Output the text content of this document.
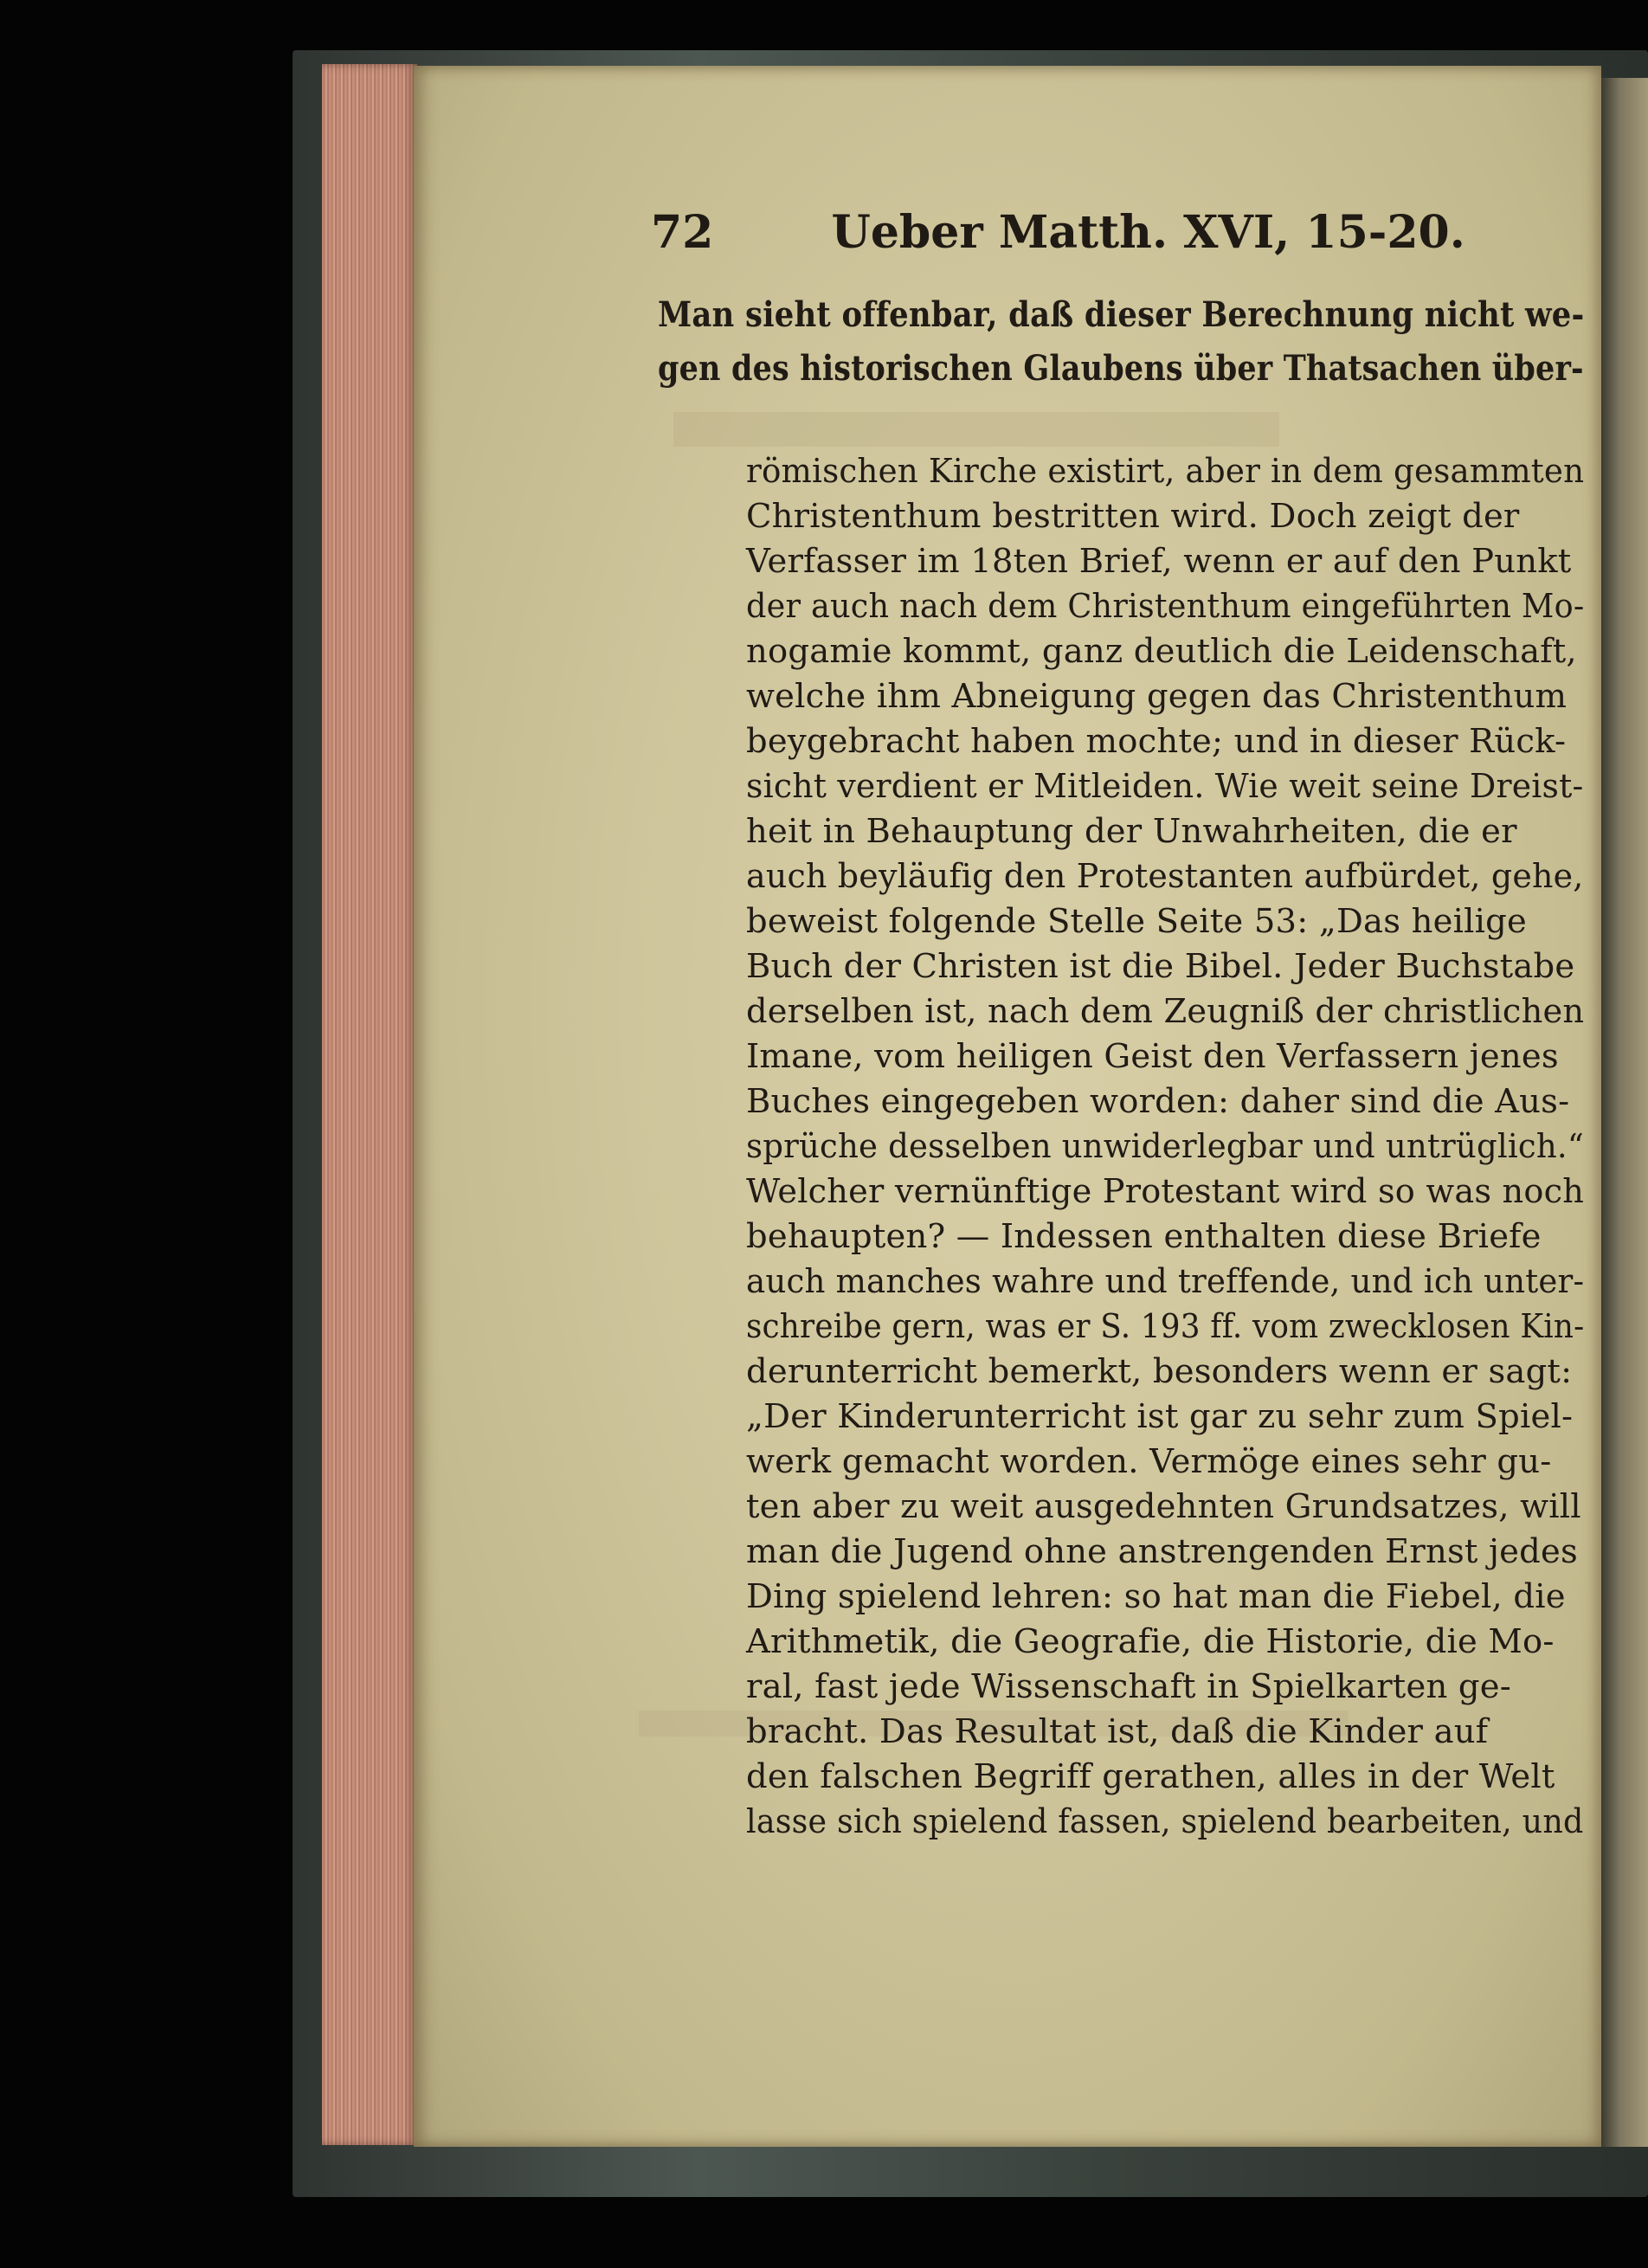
72	Ueber Matth. XVI, 15-20.
Man sieht offenbar, daß dieser Berechnung nicht we-
gen des historischen Glaubens über Thatsachen über-
römischen Kirche existirt, aber in dem gesammten
Christenthum bestritten wird. Doch zeigt der
Verfasser im 18ten Brief, wenn er auf den Punkt
der auch nach dem Christenthum eingeführten Mo-
nogamie kommt, ganz deutlich die Leidenschaft,
welche ihm Abneigung gegen das Christenthum
beygebracht haben mochte; und in dieser Rück-
sicht verdient er Mitleiden. Wie weit seine Dreist-
heit in Behauptung der Unwahrheiten, die er
auch beyläufig den Protestanten aufbürdet, gehe,
beweist folgende Stelle Seite 53: „Das heilige
Buch der Christen ist die Bibel. Jeder Buchstabe
derselben ist, nach dem Zeugniß der christlichen
Imane, vom heiligen Geist den Verfassern jenes
Buches eingegeben worden: daher sind die Aus-
sprüche desselben unwiderlegbar und untrüglich.“
Welcher vernünftige Protestant wird so was noch
behaupten? — Indessen enthalten diese Briefe
auch manches wahre und treffende, und ich unter-
schreibe gern, was er S. 193 ff. vom zwecklosen Kin-
derunterricht bemerkt, besonders wenn er sagt:
„Der Kinderunterricht ist gar zu sehr zum Spiel-
werk gemacht worden. Vermöge eines sehr gu-
ten aber zu weit ausgedehnten Grundsatzes, will
man die Jugend ohne anstrengenden Ernst jedes
Ding spielend lehren: so hat man die Fiebel, die
Arithmetik, die Geografie, die Historie, die Mo-
ral, fast jede Wissenschaft in Spielkarten ge-
bracht. Das Resultat ist, daß die Kinder auf
den falschen Begriff gerathen, alles in der Welt
lasse sich spielend fassen, spielend bearbeiten, und
